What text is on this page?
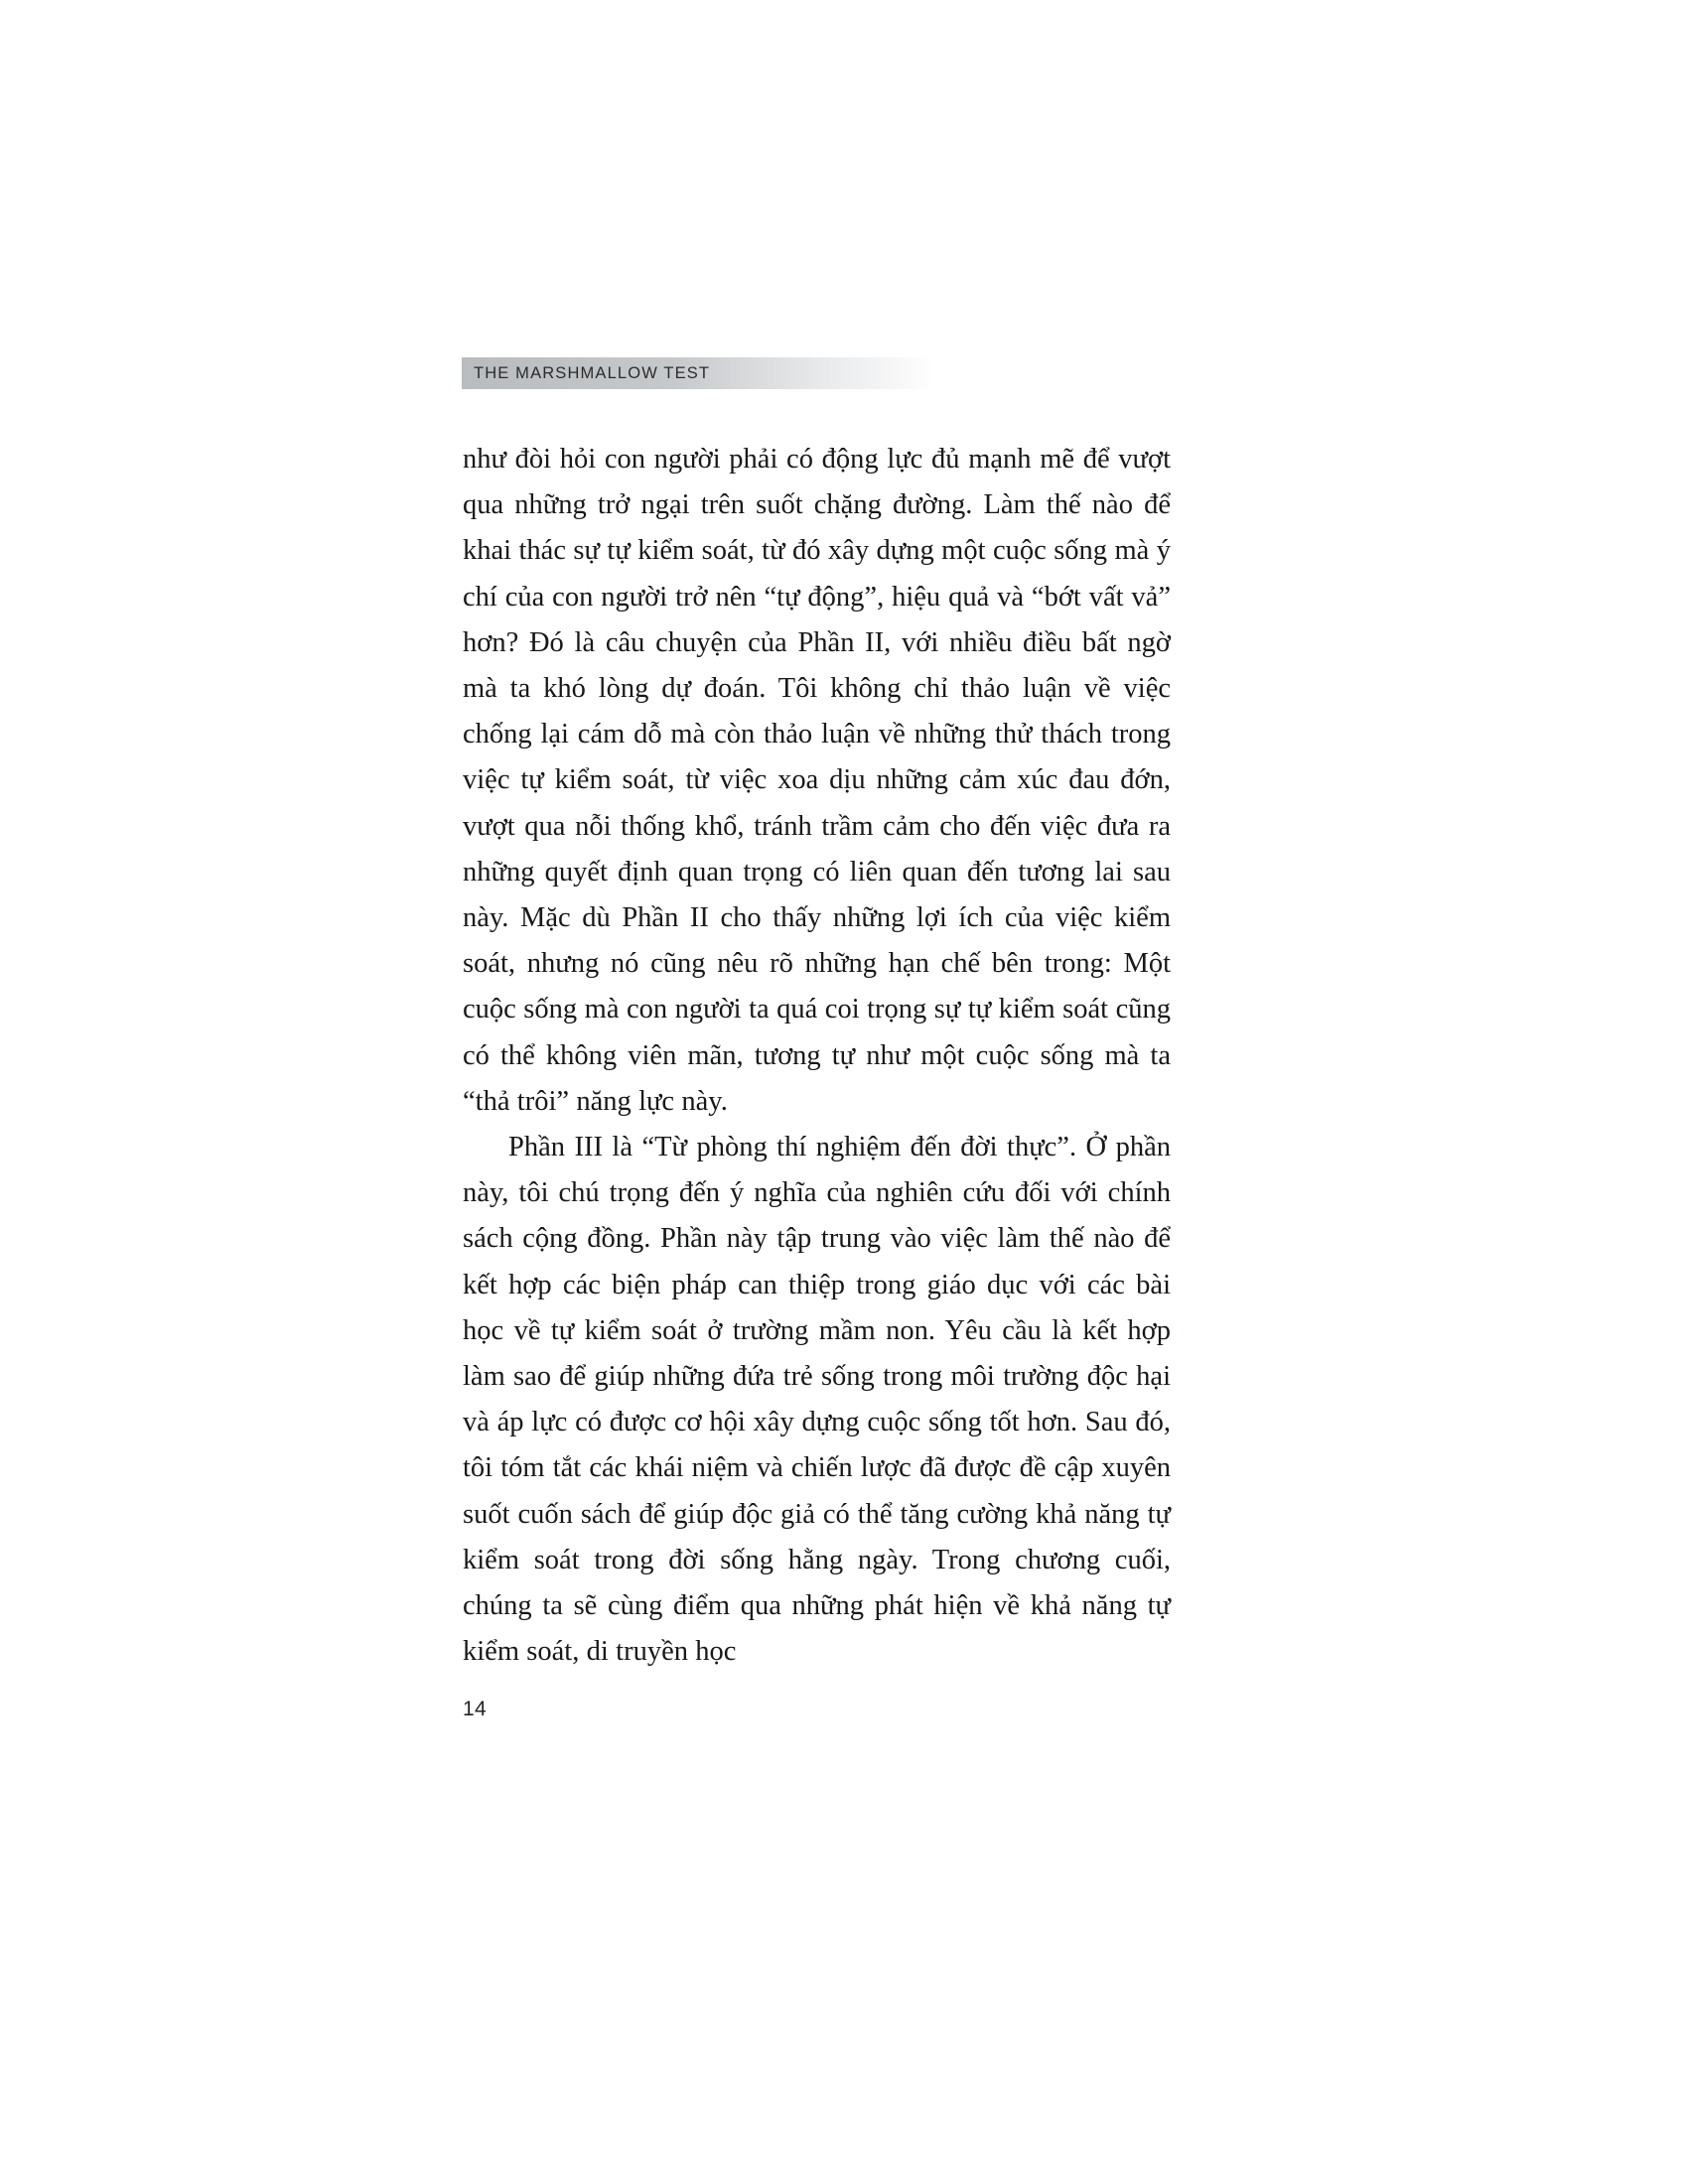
THE MARSHMALLOW TEST

như đòi hỏi con người phải có động lực đủ mạnh mẽ để vượt qua những trở ngại trên suốt chặng đường. Làm thế nào để khai thác sự tự kiểm soát, từ đó xây dựng một cuộc sống mà ý chí của con người trở nên “tự động”, hiệu quả và “bớt vất vả” hơn? Đó là câu chuyện của Phần II, với nhiều điều bất ngờ mà ta khó lòng dự đoán. Tôi không chỉ thảo luận về việc chống lại cám dỗ mà còn thảo luận về những thử thách trong việc tự kiểm soát, từ việc xoa dịu những cảm xúc đau đớn, vượt qua nỗi thống khổ, tránh trầm cảm cho đến việc đưa ra những quyết định quan trọng có liên quan đến tương lai sau này. Mặc dù Phần II cho thấy những lợi ích của việc kiểm soát, nhưng nó cũng nêu rõ những hạn chế bên trong: Một cuộc sống mà con người ta quá coi trọng sự tự kiểm soát cũng có thể không viên mãn, tương tự như một cuộc sống mà ta “thả trôi” năng lực này.

Phần III là “Từ phòng thí nghiệm đến đời thực”. Ở phần này, tôi chú trọng đến ý nghĩa của nghiên cứu đối với chính sách cộng đồng. Phần này tập trung vào việc làm thế nào để kết hợp các biện pháp can thiệp trong giáo dục với các bài học về tự kiểm soát ở trường mầm non. Yêu cầu là kết hợp làm sao để giúp những đứa trẻ sống trong môi trường độc hại và áp lực có được cơ hội xây dựng cuộc sống tốt hơn. Sau đó, tôi tóm tắt các khái niệm và chiến lược đã được đề cập xuyên suốt cuốn sách để giúp độc giả có thể tăng cường khả năng tự kiểm soát trong đời sống hằng ngày. Trong chương cuối, chúng ta sẽ cùng điểm qua những phát hiện về khả năng tự kiểm soát, di truyền học

14
